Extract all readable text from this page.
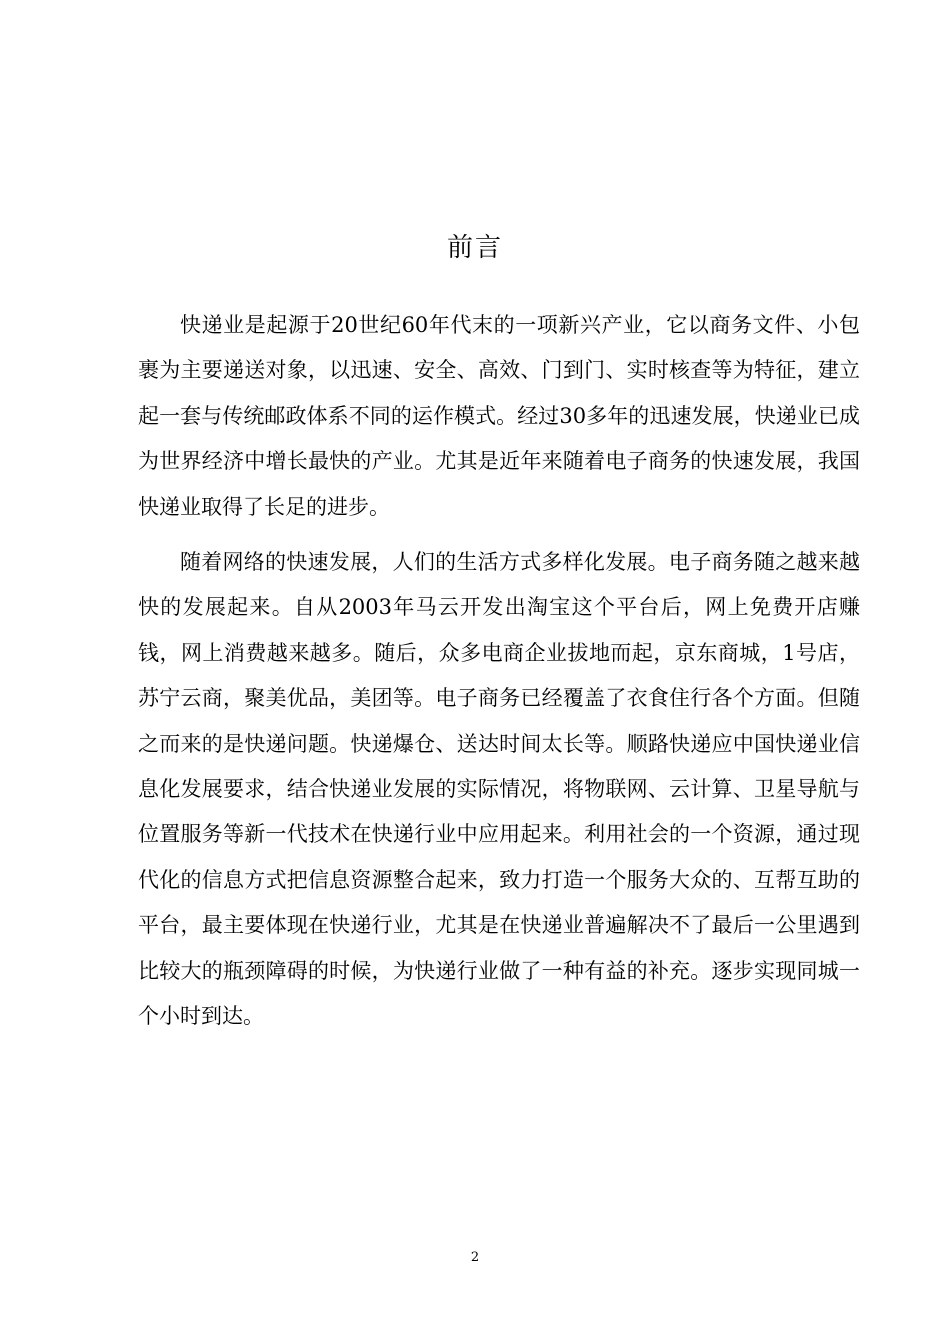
前言

快递业是起源于20世纪60年代末的一项新兴产业，它以商务文件、小包裹为主要递送对象，以迅速、安全、高效、门到门、实时核查等为特征，建立起一套与传统邮政体系不同的运作模式。经过30多年的迅速发展，快递业已成为世界经济中增长最快的产业。尤其是近年来随着电子商务的快速发展，我国快递业取得了长足的进步。

随着网络的快速发展，人们的生活方式多样化发展。电子商务随之越来越快的发展起来。自从2003年马云开发出淘宝这个平台后，网上免费开店赚钱，网上消费越来越多。随后，众多电商企业拔地而起，京东商城，1号店，苏宁云商，聚美优品，美团等。电子商务已经覆盖了衣食住行各个方面。但随之而来的是快递问题。快递爆仓、送达时间太长等。顺路快递应中国快递业信息化发展要求，结合快递业发展的实际情况，将物联网、云计算、卫星导航与位置服务等新一代技术在快递行业中应用起来。利用社会的一个资源，通过现代化的信息方式把信息资源整合起来，致力打造一个服务大众的、互帮互助的平台，最主要体现在快递行业，尤其是在快递业普遍解决不了最后一公里遇到比较大的瓶颈障碍的时候，为快递行业做了一种有益的补充。逐步实现同城一个小时到达。

2
